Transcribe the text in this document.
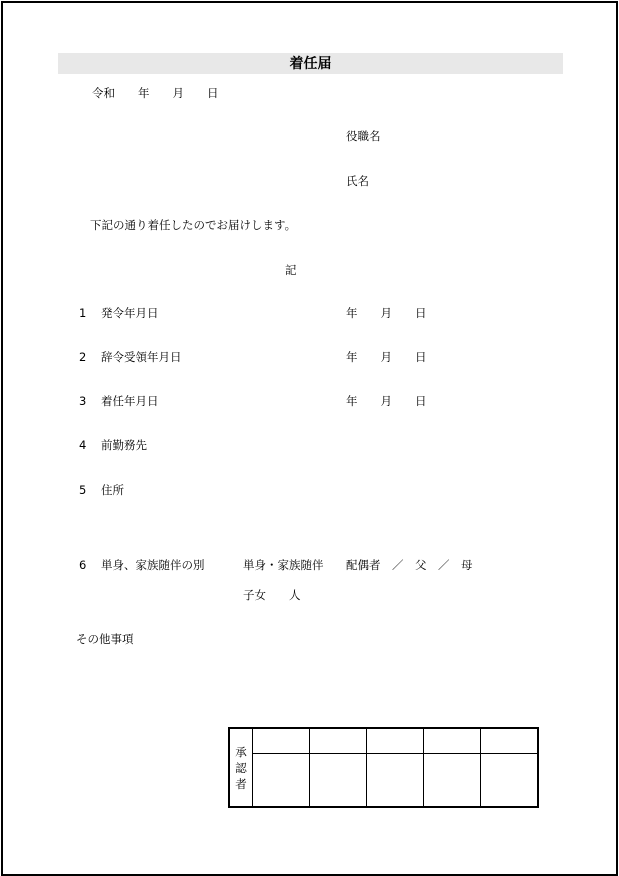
着任届
令和　　年　　月　　日
役職名
氏名
下記の通り着任したのでお届けします。
記
1 発令年月日	年　　月　　日
2 辞令受領年月日	年　　月　　日
3 着任年月日	年　　月　　日
4 前勤務先
5 住所
6 単身、家族随伴の別	単身・家族随伴 配偶者　／　父　／　母
子女　　人
その他事項
承
認
者					
